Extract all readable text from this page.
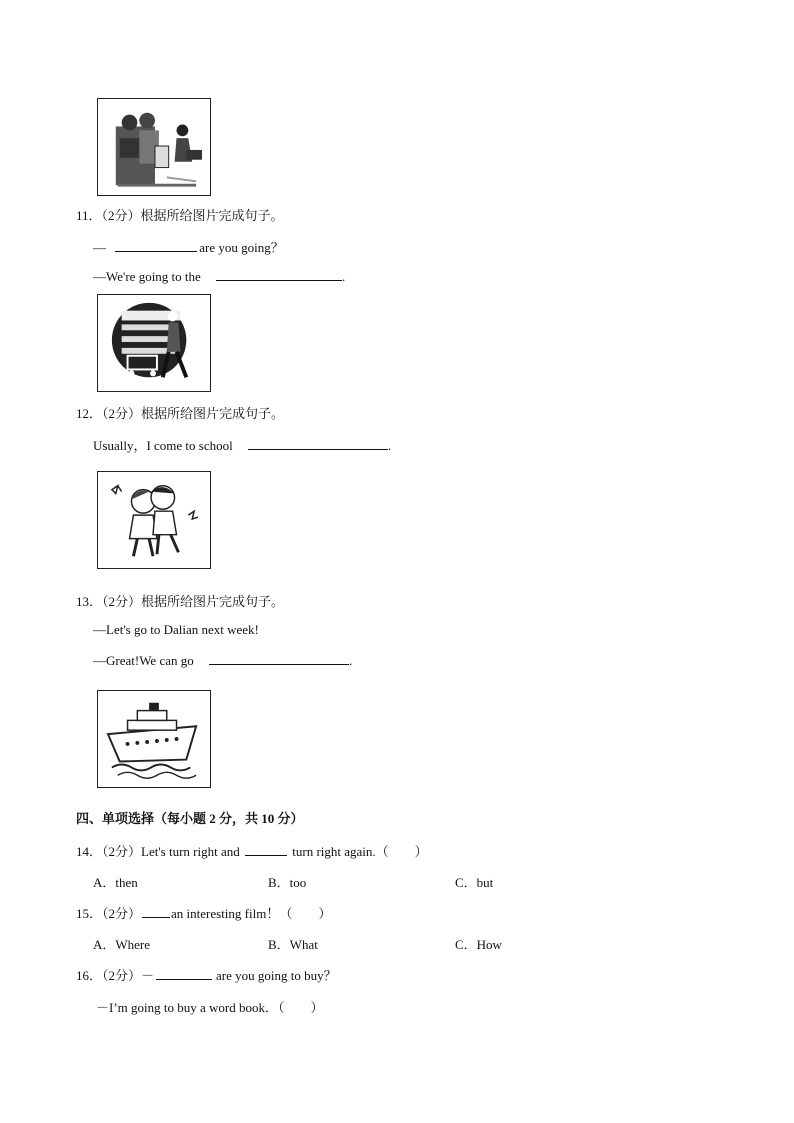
11．（2分）根据所给图片完成句子。
—	are you going？
—We're going to the	.
12．（2分）根据所给图片完成句子。
Usually，I come to school	.
13．（2分）根据所给图片完成句子。
—Let's go to Dalian next week!
—Great!We can go	.
四、单项选择（每小题 2 分，共 10 分）
14．（2分）Let's turn right and	turn right again.（　　）
A．then	B．too	C．but
15．（2分） an interesting film！（　　）
A．Where	B．What	C．How
16．（2分）－	are you going to buy？
－I’m going to buy a word book．（　　）
